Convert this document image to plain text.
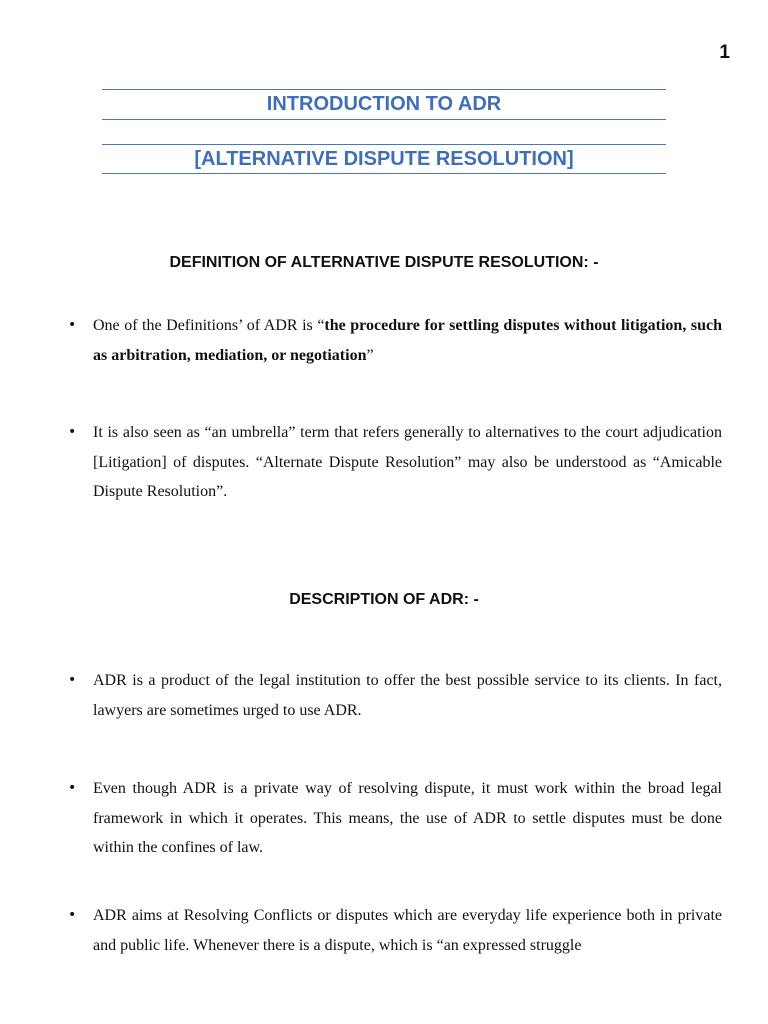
1
INTRODUCTION TO ADR
[ALTERNATIVE DISPUTE RESOLUTION]
DEFINITION OF ALTERNATIVE DISPUTE RESOLUTION: -
•	One of the Definitions’ of ADR is “the procedure for settling disputes without litigation, such as arbitration, mediation, or negotiation”
•	It is also seen as “an umbrella” term that refers generally to alternatives to the court adjudication [Litigation] of disputes. “Alternate Dispute Resolution” may also be understood as “Amicable Dispute Resolution”.
DESCRIPTION OF ADR: -
•	ADR is a product of the legal institution to offer the best possible service to its clients. In fact, lawyers are sometimes urged to use ADR.
•	Even though ADR is a private way of resolving dispute, it must work within the broad legal framework in which it operates. This means, the use of ADR to settle disputes must be done within the confines of law.
•	ADR aims at Resolving Conflicts or disputes which are everyday life experience both in private and public life. Whenever there is a dispute, which is “an expressed struggle
